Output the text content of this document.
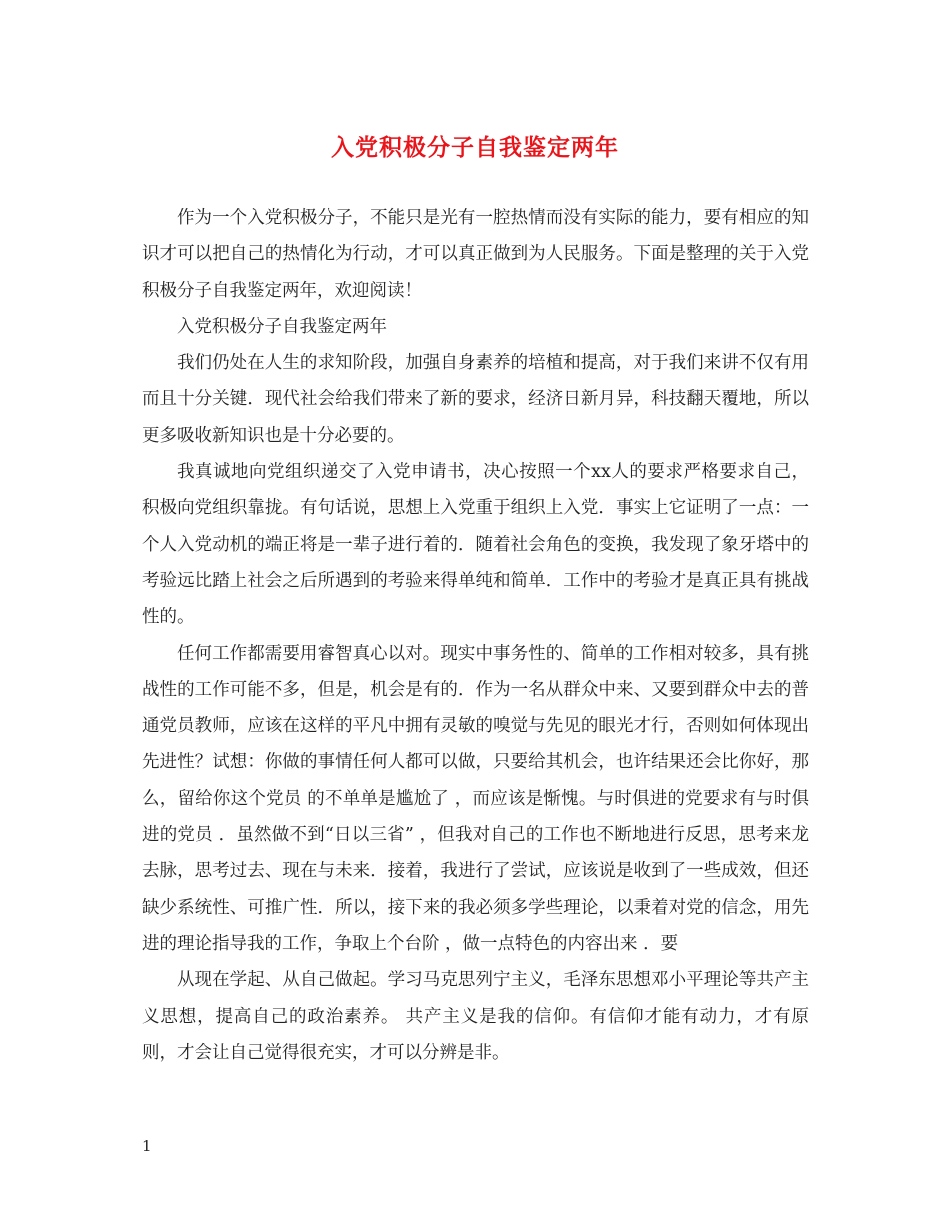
入党积极分子自我鉴定两年

作为一个入党积极分子，不能只是光有一腔热情而没有实际的能力，要有相应的知识才可以把自己的热情化为行动，才可以真正做到为人民服务。下面是整理的关于入党积极分子自我鉴定两年，欢迎阅读！

入党积极分子自我鉴定两年

我们仍处在人生的求知阶段，加强自身素养的培植和提高，对于我们来讲不仅有用而且十分关键．现代社会给我们带来了新的要求，经济日新月异，科技翻天覆地，所以更多吸收新知识也是十分必要的。

我真诚地向党组织递交了入党申请书，决心按照一个xx人的要求严格要求自己，积极向党组织靠拢。有句话说，思想上入党重于组织上入党．事实上它证明了一点：一个人入党动机的端正将是一辈子进行着的．随着社会角色的变换，我发现了象牙塔中的考验远比踏上社会之后所遇到的考验来得单纯和简单．工作中的考验才是真正具有挑战性的。

任何工作都需要用睿智真心以对。现实中事务性的、简单的工作相对较多，具有挑战性的工作可能不多，但是，机会是有的．作为一名从群众中来、又要到群众中去的普通党员教师，应该在这样的平凡中拥有灵敏的嗅觉与先见的眼光才行，否则如何体现出先进性？试想：你做的事情任何人都可以做，只要给其机会，也许结果还会比你好，那么，留给你这个党员 的不单单是尴尬了 ，而应该是惭愧。与时俱进的党要求有与时俱进的党员 ．虽然做不到“日以三省” ，但我对自己的工作也不断地进行反思，思考来龙去脉，思考过去、现在与未来．接着，我进行了尝试，应该说是收到了一些成效，但还缺少系统性、可推广性．所以，接下来的我必须多学些理论，以秉着对党的信念，用先进的理论指导我的工作，争取上个台阶 ，做一点特色的内容出来 ．要

从现在学起、从自己做起。学习马克思列宁主义，毛泽东思想邓小平理论等共产主义思想，提高自己的政治素养。 共产主义是我的信仰。有信仰才能有动力，才有原则，才会让自己觉得很充实，才可以分辨是非。

1
